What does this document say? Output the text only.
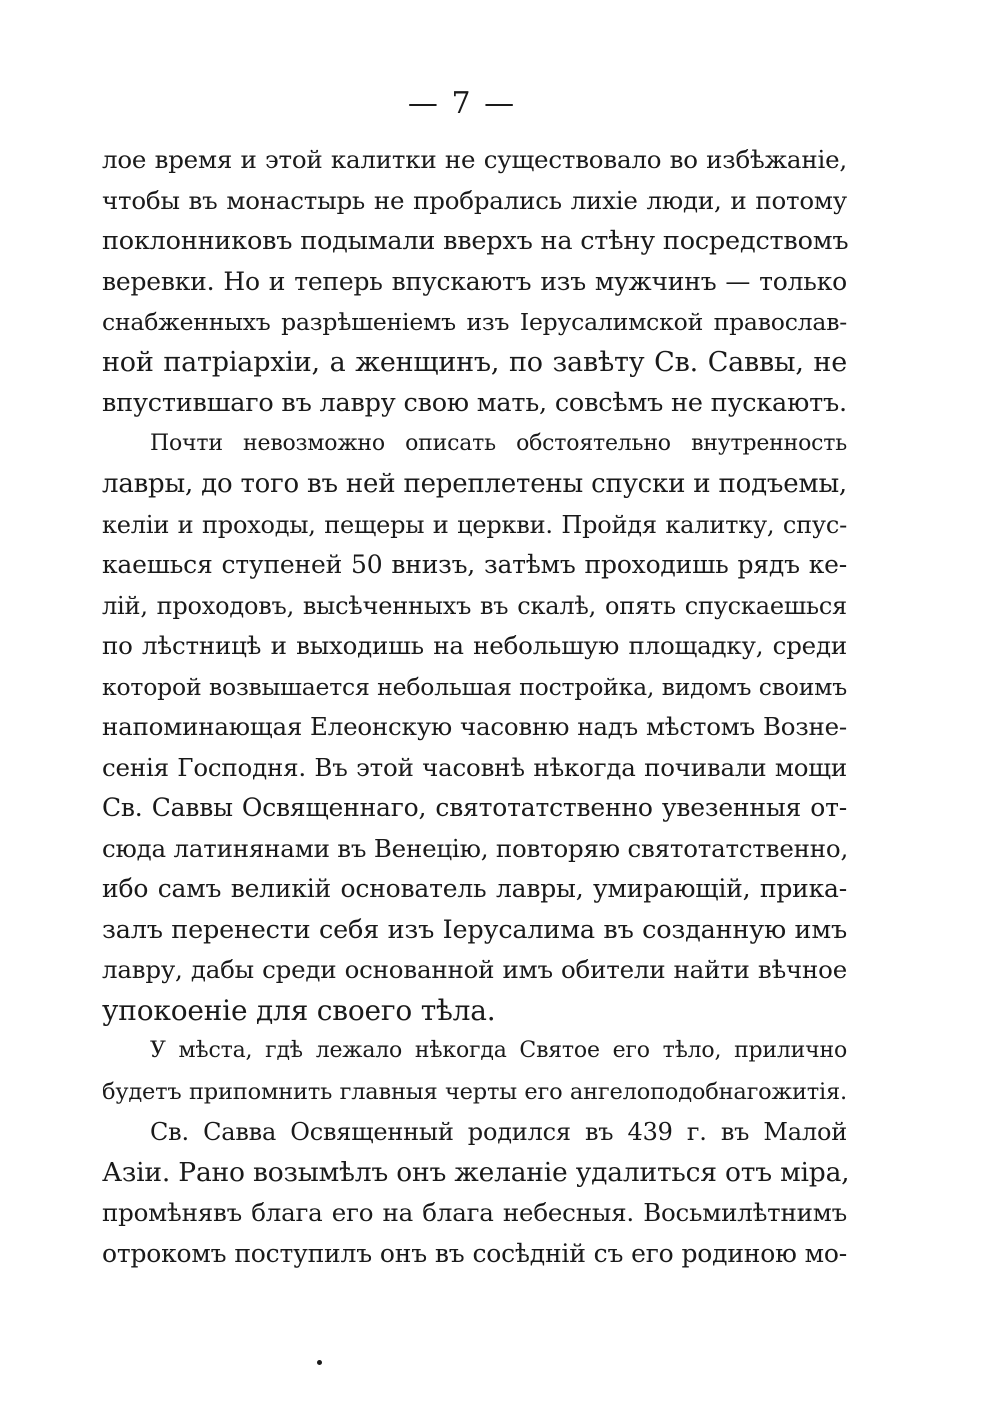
— 7 —
лое время и этой калитки не существовало во избѣжаніе,
чтобы въ монастырь не пробрались лихіе люди, и потому
поклонниковъ подымали вверхъ на стѣну посредствомъ
веревки. Но и теперь впускаютъ изъ мужчинъ — только
снабженныхъ разрѣшеніемъ изъ Іерусалимской православ-
ной патріархіи, а женщинъ, по завѣту Св. Саввы, не
впустившаго въ лавру свою мать, совсѣмъ не пускаютъ.
Почти невозможно описать обстоятельно внутренность
лавры, до того въ ней переплетены спуски и подъемы,
келіи и проходы, пещеры и церкви. Пройдя калитку, спус-
каешься ступеней 50 внизъ, затѣмъ проходишь рядъ ке-
лій, проходовъ, высѣченныхъ въ скалѣ, опять спускаешься
по лѣстницѣ и выходишь на небольшую площадку, среди
которой возвышается небольшая постройка, видомъ своимъ
напоминающая Елеонскую часовню надъ мѣстомъ Возне-
сенія Господня. Въ этой часовнѣ нѣкогда почивали мощи
Св. Саввы Освященнаго, святотатственно увезенныя от-
сюда латинянами въ Венецію, повторяю святотатственно,
ибо самъ великій основатель лавры, умирающій, прика-
залъ перенести себя изъ Іерусалима въ созданную имъ
лавру, дабы среди основанной имъ обители найти вѣчное
упокоеніе для своего тѣла.
У мѣста, гдѣ лежало нѣкогда Святое его тѣло, прилично
будетъ припомнить главныя черты его ангелоподобнагожитія.
Св. Савва Освященный родился въ 439 г. въ Малой
Азіи. Рано возымѣлъ онъ желаніе удалиться отъ міра,
промѣнявъ блага его на блага небесныя. Восьмилѣтнимъ
отрокомъ поступилъ онъ въ сосѣдній съ его родиною мо-
